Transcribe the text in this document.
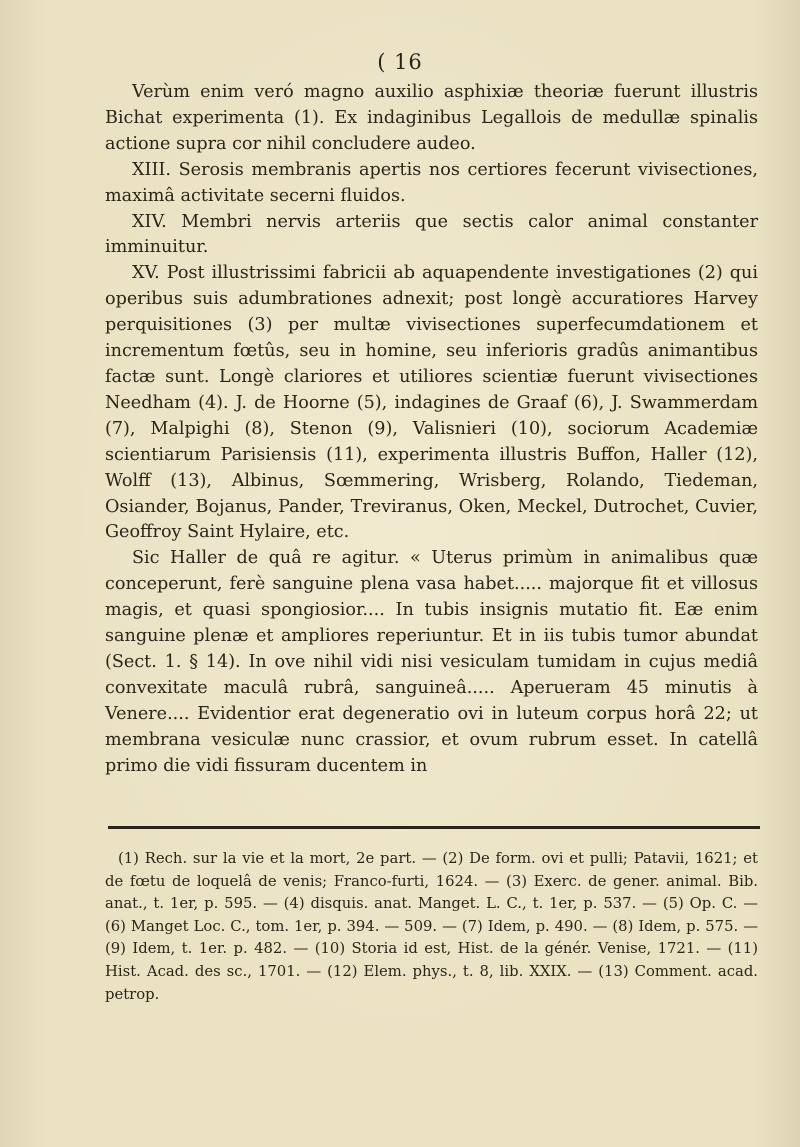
( 16

Verùm enim veró magno auxilio asphixiæ theoriæ fuerunt illustris Bichat experimenta (1). Ex indaginibus Legallois de medullæ spinalis actione supra cor nihil concludere audeo.

XIII. Serosis membranis apertis nos certiores fecerunt vivisectiones, maximâ activitate secerni fluidos.

XIV. Membri nervis arteriis que sectis calor animal constanter imminuitur.

XV. Post illustrissimi fabricii ab aquapendente investigationes (2) qui operibus suis adumbrationes adnexit; post longè accuratiores Harvey perquisitiones (3) per multæ vivisectiones superfecumdationem et incrementum fœtûs, seu in homine, seu inferioris gradûs animantibus factæ sunt. Longè clariores et utiliores scientiæ fuerunt vivisectiones Needham (4). J. de Hoorne (5), indagines de Graaf (6), J. Swammerdam (7), Malpighi (8), Stenon (9), Valisnieri (10), sociorum Academiæ scientiarum Parisiensis (11), experimenta illustris Buffon, Haller (12), Wolff (13), Albinus, Sœmmering, Wrisberg, Rolando, Tiedeman, Osiander, Bojanus, Pander, Treviranus, Oken, Meckel, Dutrochet, Cuvier, Geoffroy Saint Hylaire, etc.

Sic Haller de quâ re agitur. « Uterus primùm in animalibus quæ conceperunt, ferè sanguine plena vasa habet..... majorque fit et villosus magis, et quasi spongiosior.... In tubis insignis mutatio fit. Eæ enim sanguine plenæ et ampliores reperiuntur. Et in iis tubis tumor abundat (Sect. 1. § 14). In ove nihil vidi nisi vesiculam tumidam in cujus mediâ convexitate maculâ rubrâ, sanguineâ..... Aperueram 45 minutis à Venere.... Evidentior erat degeneratio ovi in luteum corpus horâ 22; ut membrana vesiculæ nunc crassior, et ovum rubrum esset. In catellâ primo die vidi fissuram ducentem in

(1) Rech. sur la vie et la mort, 2e part. — (2) De form. ovi et pulli; Patavii, 1621; et de fœtu de loquelâ de venis; Franco-furti, 1624. — (3) Exerc. de gener. animal. Bib. anat., t. 1er, p. 595. — (4) disquis. anat. Manget. L. C., t. 1er, p. 537. — (5) Op. C. — (6) Manget Loc. C., tom. 1er, p. 394. — 509. — (7) Idem, p. 490. — (8) Idem, p. 575. — (9) Idem, t. 1er. p. 482. — (10) Storia id est, Hist. de la génér. Venise, 1721. — (11) Hist. Acad. des sc., 1701. — (12) Elem. phys., t. 8, lib. XXIX. — (13) Comment. acad. petrop.
